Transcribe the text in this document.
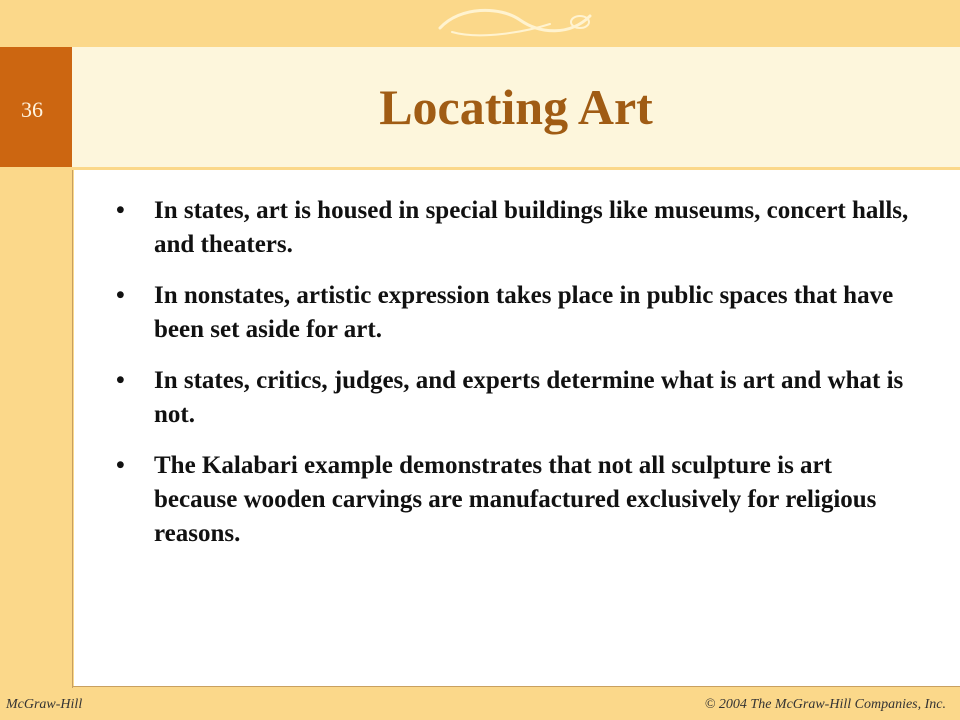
36	Locating Art
• In states, art is housed in special buildings like museums, concert halls, and theaters.
• In nonstates, artistic expression takes place in public spaces that have been set aside for art.
• In states, critics, judges, and experts determine what is art and what is not.
• The Kalabari example demonstrates that not all sculpture is art because wooden carvings are manufactured exclusively for religious reasons.
McGraw-Hill	© 2004 The McGraw-Hill Companies, Inc.
